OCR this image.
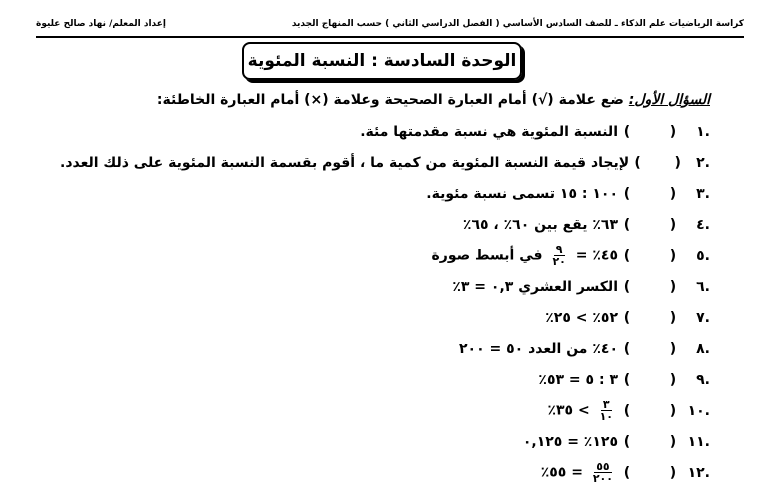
إعداد المعلم/ نهاد صالح عليوة	كراسة الرياضيات علم الذكاء ـ للصف السادس الأساسي ( الفصل الدراسي الثاني ) حسب المنهاج الجديد
الوحدة السادسة : النسبة المئوية
السؤال الأول: ضع علامة (√) أمام العبارة الصحيحة وعلامة (×) أمام العبارة الخاطئة:
.١
(
)
النسبة المئوية هي نسبة مقدمتها مئة.
.٢
(
)
لإيجاد قيمة النسبة المئوية من كمية ما ، أقوم بقسمة النسبة المئوية على ذلك العدد.
.٣
(
)
١٠٠ : ١٥ تسمى نسبة مئوية.
.٤
(
)
٦٣٪ يقع بين ٦٠٪ ، ٦٥٪
.٥
(
)
٤٥٪ =
$\frac{٩}{٢٠}$
في أبسط صورة
.٦
(
)
الكسر العشري ٠,٣ = ٣٪
.٧
(
)
٥٢٪ > ٢٥٪
.٨
(
)
٤٠٪ من العدد ٥٠ = ٢٠٠
.٩
(
)
٣ : ٥ = ٥٣٪
.١٠
(
)
$\frac{٣}{١٠}$
> ٣٥٪
.١١
(
)
١٢٥٪ = ٠,١٢٥
.١٢
(
)
$\frac{٥٥}{٢٠٠}$
= ٥٥٪
